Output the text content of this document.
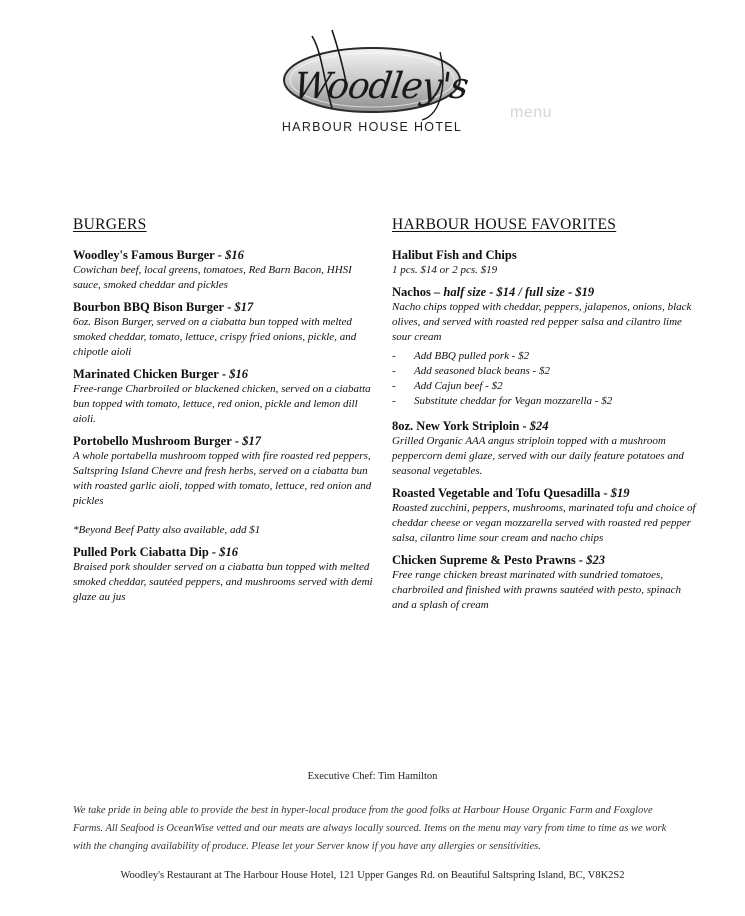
Woodley's
HARBOUR HOUSE HOTEL
menu
BURGERS
Woodley's Famous Burger - $16
Cowichan beef, local greens, tomatoes, Red Barn Bacon, HHSI sauce, smoked cheddar and pickles
Bourbon BBQ Bison Burger - $17
6oz. Bison Burger, served on a ciabatta bun topped with melted smoked cheddar, tomato, lettuce, crispy fried onions, pickle, and chipotle aioli
Marinated Chicken Burger - $16
Free-range Charbroiled or blackened chicken, served on a ciabatta bun topped with tomato, lettuce, red onion, pickle and lemon dill aioli.
Portobello Mushroom Burger - $17
A whole portabella mushroom topped with fire roasted red peppers, Saltspring Island Chevre and fresh herbs, served on a ciabatta bun with roasted garlic aioli, topped with tomato, lettuce, red onion and pickles
*Beyond Beef Patty also available, add $1
Pulled Pork Ciabatta Dip - $16
Braised pork shoulder served on a ciabatta bun topped with melted smoked cheddar, sautéed peppers, and mushrooms served with demi glaze au jus
HARBOUR HOUSE FAVORITES
Halibut Fish and Chips
1 pcs. $14 or 2 pcs. $19
Nachos – half size - $14 / full size - $19
Nacho chips topped with cheddar, peppers, jalapenos, onions, black olives, and served with roasted red pepper salsa and cilantro lime sour cream
- Add BBQ pulled pork - $2
- Add seasoned black beans - $2
- Add Cajun beef - $2
- Substitute cheddar for Vegan mozzarella - $2
8oz. New York Striploin - $24
Grilled Organic AAA angus striploin topped with a mushroom peppercorn demi glaze, served with our daily feature potatoes and seasonal vegetables.
Roasted Vegetable and Tofu Quesadilla - $19
Roasted zucchini, peppers, mushrooms, marinated tofu and choice of cheddar cheese or vegan mozzarella served with roasted red pepper salsa, cilantro lime sour cream and nacho chips
Chicken Supreme & Pesto Prawns - $23
Free range chicken breast marinated with sundried tomatoes, charbroiled and finished with prawns sautéed with pesto, spinach and a splash of cream
Executive Chef: Tim Hamilton
We take pride in being able to provide the best in hyper-local produce from the good folks at Harbour House Organic Farm and Foxglove Farms. All Seafood is OceanWise vetted and our meats are always locally sourced. Items on the menu may vary from time to time as we work with the changing availability of produce. Please let your Server know if you have any allergies or sensitivities.
Woodley's Restaurant at The Harbour House Hotel, 121 Upper Ganges Rd. on Beautiful Saltspring Island, BC, V8K2S2
